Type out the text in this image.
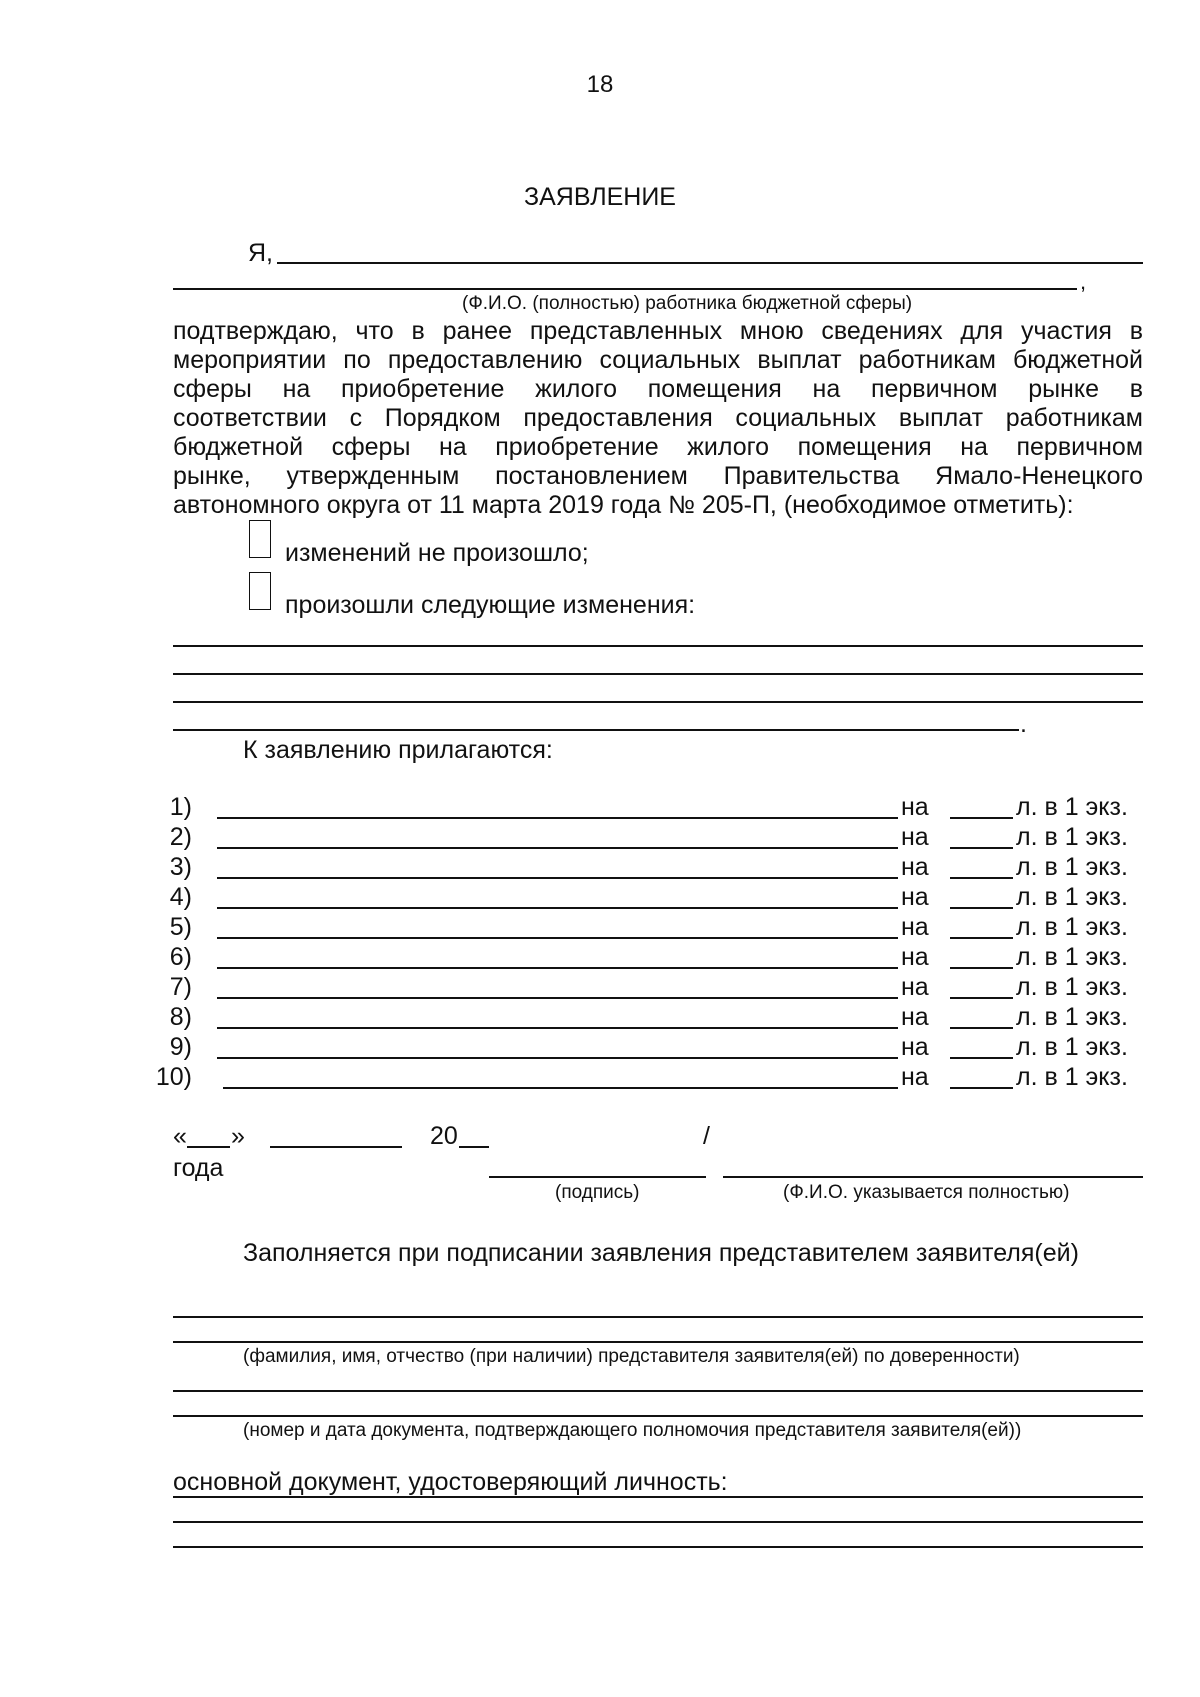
18
ЗАЯВЛЕНИЕ
Я,
,
(Ф.И.О. (полностью) работника бюджетной сферы)
подтверждаю, что в ранее представленных мною сведениях для участия в
мероприятии по предоставлению социальных выплат работникам бюджетной
сферы на приобретение жилого помещения на первичном рынке в
соответствии с Порядком предоставления социальных выплат работникам
бюджетной сферы на приобретение жилого помещения на первичном
рынке, утвержденным постановлением Правительства Ямало-Ненецкого
автономного округа от 11 марта 2019 года № 205-П, (необходимое отметить):
изменений не произошло;
произошли следующие изменения:
.
К заявлению прилагаются:
1)	на	л. в 1 экз.
2)	на	л. в 1 экз.
3)	на	л. в 1 экз.
4)	на	л. в 1 экз.
5)	на	л. в 1 экз.
6)	на	л. в 1 экз.
7)	на	л. в 1 экз.
8)	на	л. в 1 экз.
9)	на	л. в 1 экз.
10)	на	л. в 1 экз.
« »	20	/
года
(подпись)	(Ф.И.О. указывается полностью)
Заполняется при подписании заявления представителем заявителя(ей)
(фамилия, имя, отчество (при наличии) представителя заявителя(ей) по доверенности)
(номер и дата документа, подтверждающего полномочия представителя заявителя(ей))
основной документ, удостоверяющий личность:
